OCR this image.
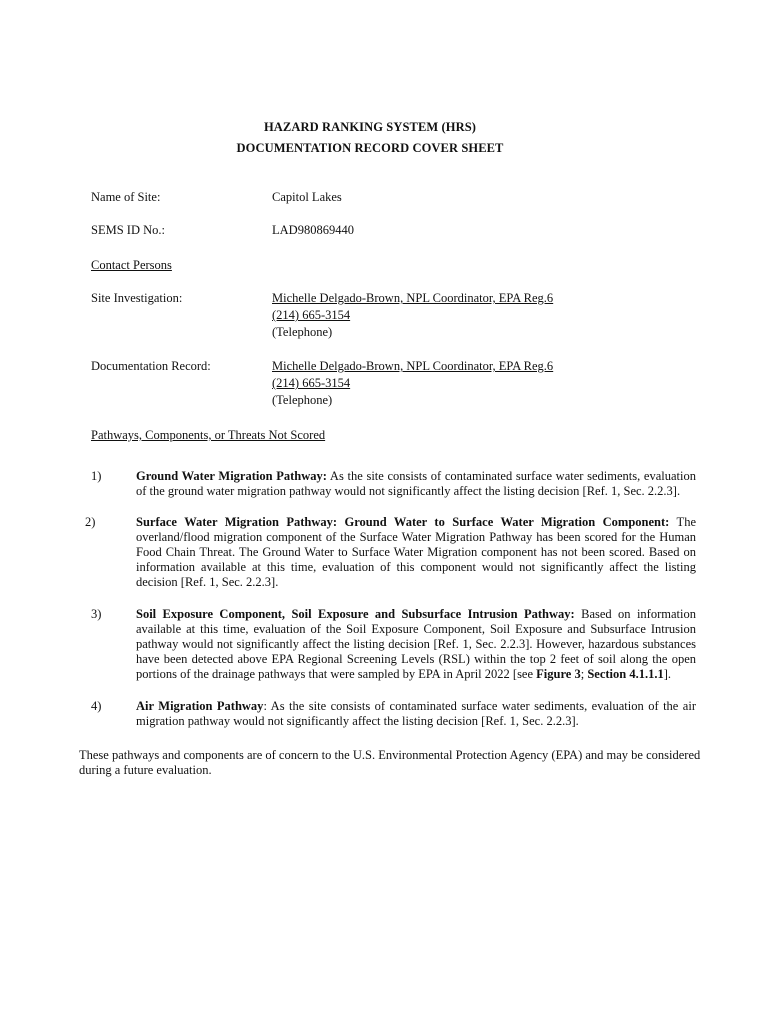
HAZARD RANKING SYSTEM (HRS)
DOCUMENTATION RECORD COVER SHEET
Name of Site:	Capitol Lakes
SEMS ID No.:	LAD980869440
Contact Persons
Site Investigation:	Michelle Delgado-Brown, NPL Coordinator, EPA Reg.6
(214) 665-3154
(Telephone)
Documentation Record:	Michelle Delgado-Brown, NPL Coordinator, EPA Reg.6
(214) 665-3154
(Telephone)
Pathways, Components, or Threats Not Scored
1)	Ground Water Migration Pathway: As the site consists of contaminated surface water sediments, evaluation of the ground water migration pathway would not significantly affect the listing decision [Ref. 1, Sec. 2.2.3].
2)	Surface Water Migration Pathway: Ground Water to Surface Water Migration Component: The overland/flood migration component of the Surface Water Migration Pathway has been scored for the Human Food Chain Threat. The Ground Water to Surface Water Migration component has not been scored. Based on information available at this time, evaluation of this component would not significantly affect the listing decision [Ref. 1, Sec. 2.2.3].
3)	Soil Exposure Component, Soil Exposure and Subsurface Intrusion Pathway: Based on information available at this time, evaluation of the Soil Exposure Component, Soil Exposure and Subsurface Intrusion pathway would not significantly affect the listing decision [Ref. 1, Sec. 2.2.3]. However, hazardous substances have been detected above EPA Regional Screening Levels (RSL) within the top 2 feet of soil along the open portions of the drainage pathways that were sampled by EPA in April 2022 [see Figure 3; Section 4.1.1.1].
4)	Air Migration Pathway: As the site consists of contaminated surface water sediments, evaluation of the air migration pathway would not significantly affect the listing decision [Ref. 1, Sec. 2.2.3].
These pathways and components are of concern to the U.S. Environmental Protection Agency (EPA) and may be considered during a future evaluation.
